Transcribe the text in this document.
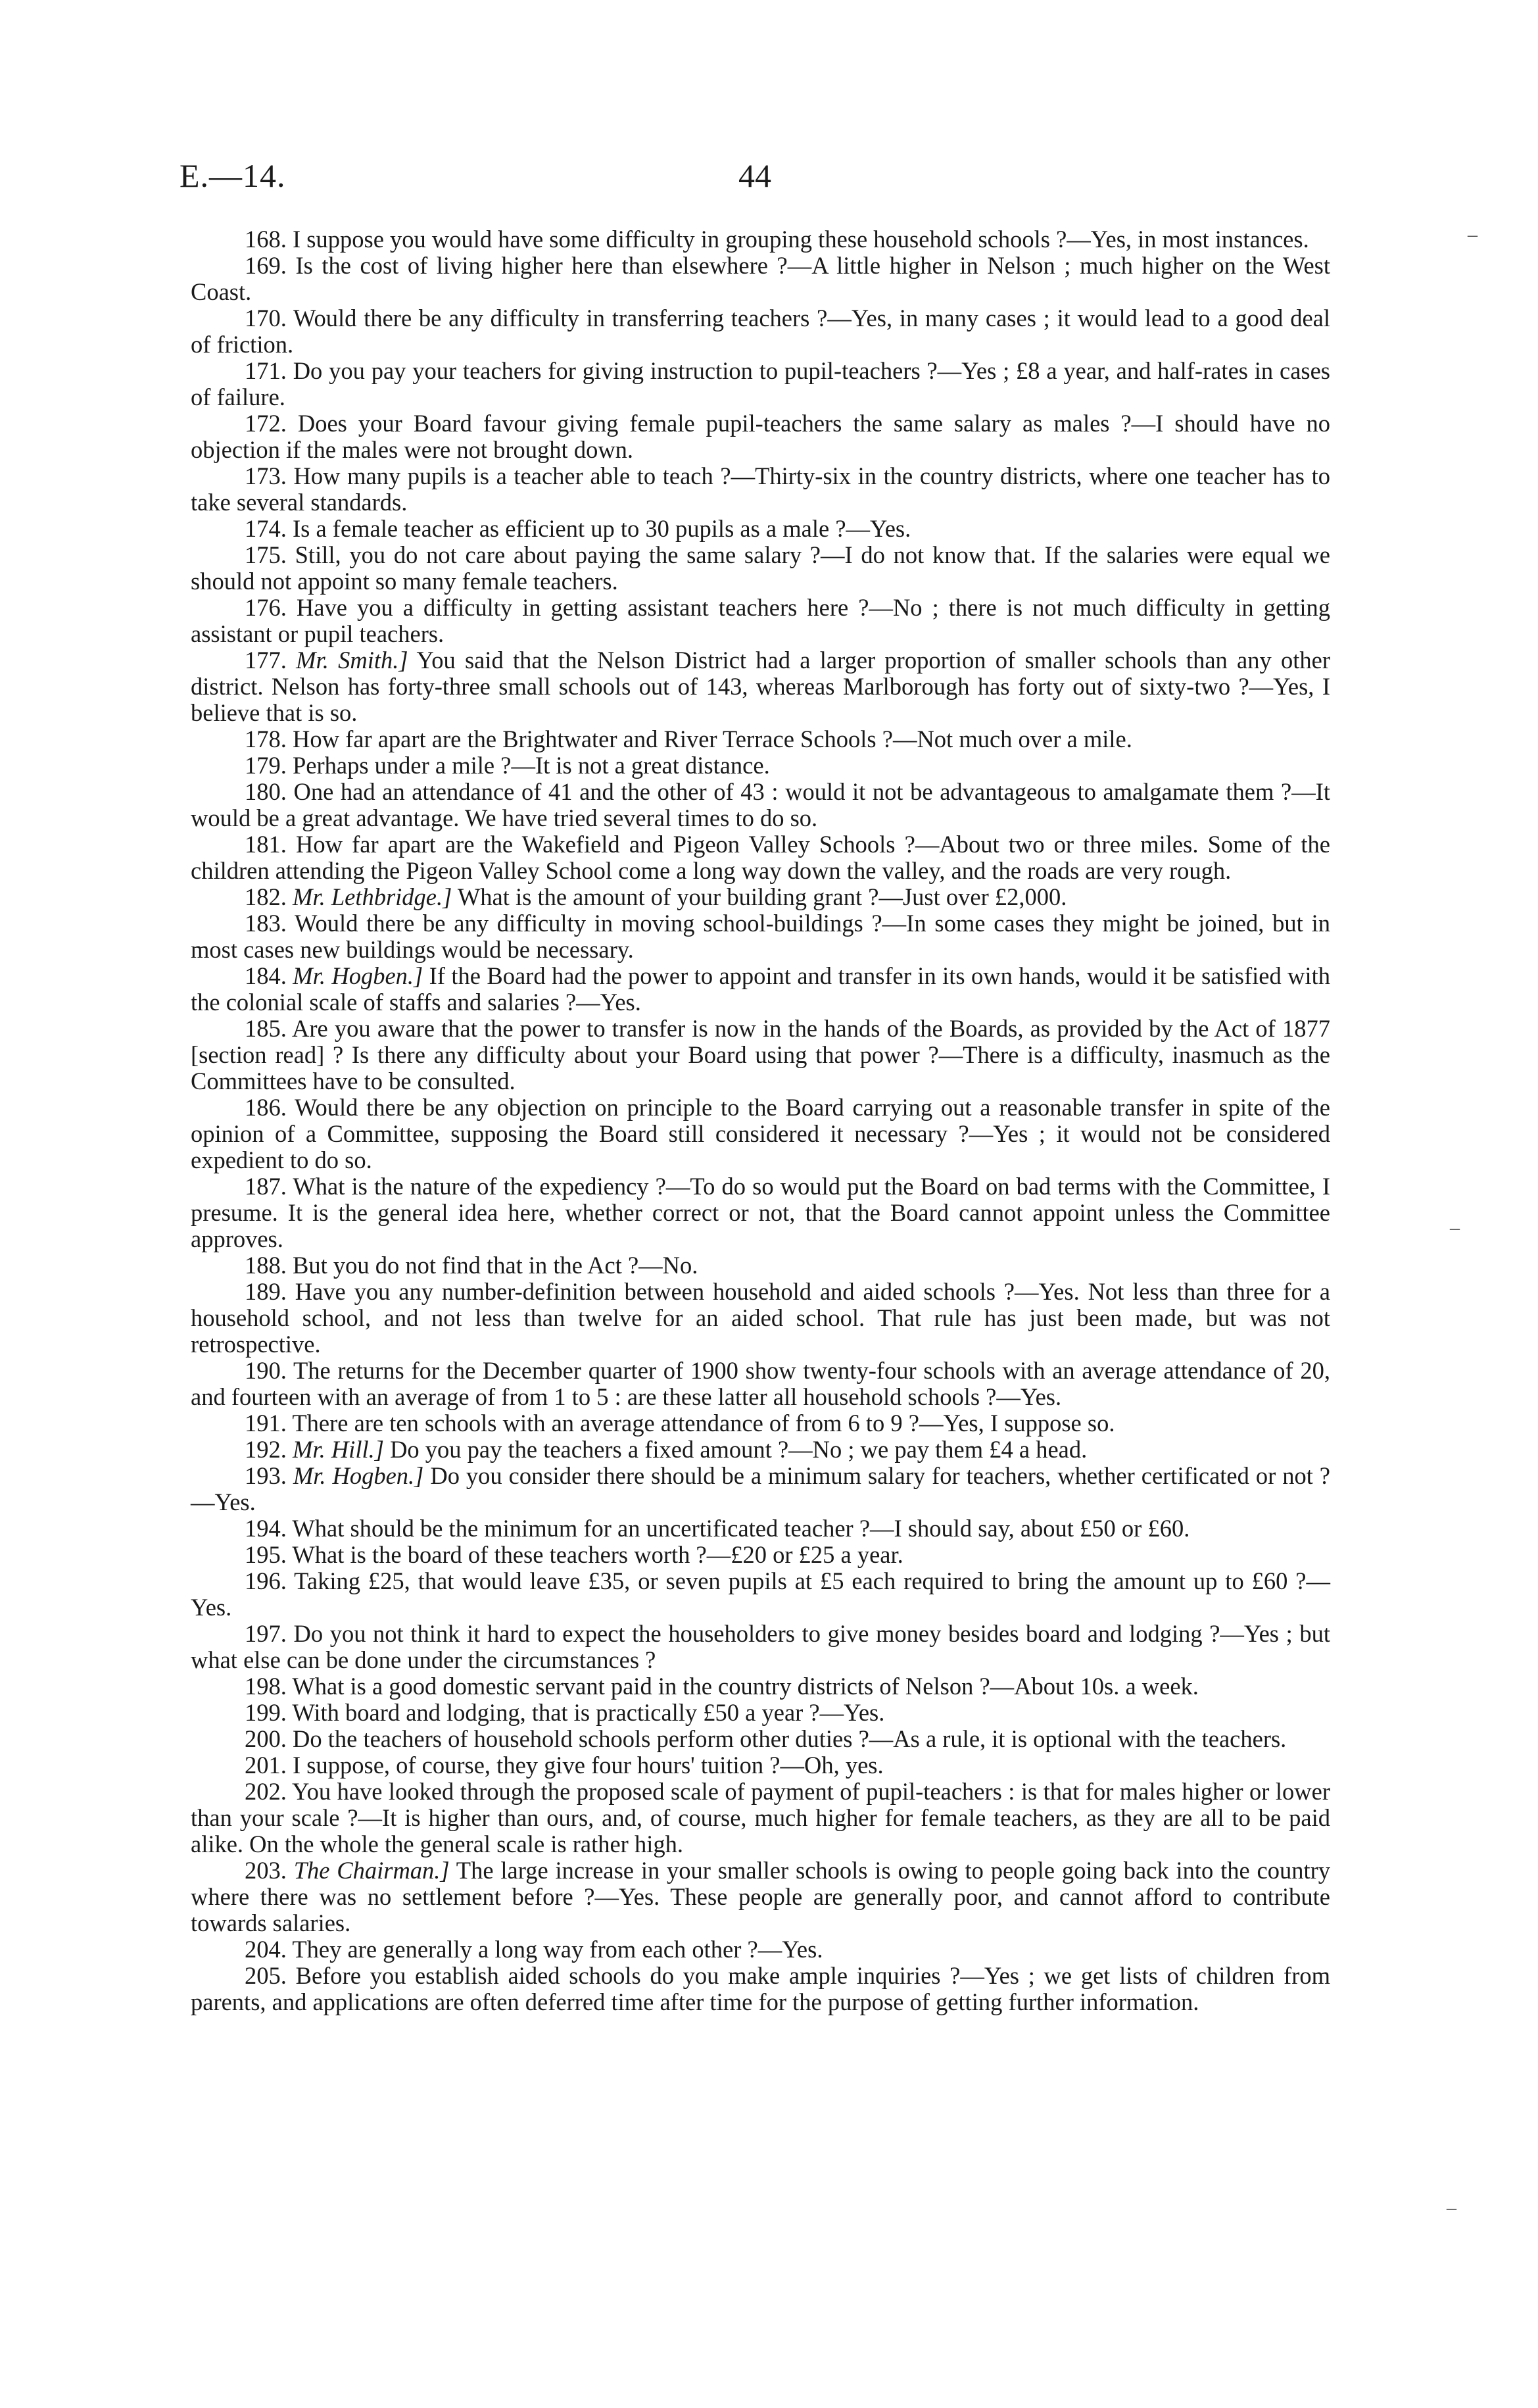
E.—14.	44

168. I suppose you would have some difficulty in grouping these household schools ?—Yes, in most instances.

169. Is the cost of living higher here than elsewhere ?—A little higher in Nelson ; much higher on the West Coast.

170. Would there be any difficulty in transferring teachers ?—Yes, in many cases ; it would lead to a good deal of friction.

171. Do you pay your teachers for giving instruction to pupil-teachers ?—Yes ; £8 a year, and half-rates in cases of failure.

172. Does your Board favour giving female pupil-teachers the same salary as males ?—I should have no objection if the males were not brought down.

173. How many pupils is a teacher able to teach ?—Thirty-six in the country districts, where one teacher has to take several standards.

174. Is a female teacher as efficient up to 30 pupils as a male ?—Yes.

175. Still, you do not care about paying the same salary ?—I do not know that. If the salaries were equal we should not appoint so many female teachers.

176. Have you a difficulty in getting assistant teachers here ?—No ; there is not much difficulty in getting assistant or pupil teachers.

177. Mr. Smith.] You said that the Nelson District had a larger proportion of smaller schools than any other district. Nelson has forty-three small schools out of 143, whereas Marlborough has forty out of sixty-two ?—Yes, I believe that is so.

178. How far apart are the Brightwater and River Terrace Schools ?—Not much over a mile.

179. Perhaps under a mile ?—It is not a great distance.

180. One had an attendance of 41 and the other of 43 : would it not be advantageous to amalgamate them ?—It would be a great advantage. We have tried several times to do so.

181. How far apart are the Wakefield and Pigeon Valley Schools ?—About two or three miles. Some of the children attending the Pigeon Valley School come a long way down the valley, and the roads are very rough.

182. Mr. Lethbridge.] What is the amount of your building grant ?—Just over £2,000.

183. Would there be any difficulty in moving school-buildings ?—In some cases they might be joined, but in most cases new buildings would be necessary.

184. Mr. Hogben.] If the Board had the power to appoint and transfer in its own hands, would it be satisfied with the colonial scale of staffs and salaries ?—Yes.

185. Are you aware that the power to transfer is now in the hands of the Boards, as provided by the Act of 1877 [section read] ? Is there any difficulty about your Board using that power ?—There is a difficulty, inasmuch as the Committees have to be consulted.

186. Would there be any objection on principle to the Board carrying out a reasonable transfer in spite of the opinion of a Committee, supposing the Board still considered it necessary ?—Yes ; it would not be considered expedient to do so.

187. What is the nature of the expediency ?—To do so would put the Board on bad terms with the Committee, I presume. It is the general idea here, whether correct or not, that the Board cannot appoint unless the Committee approves.

188. But you do not find that in the Act ?—No.

189. Have you any number-definition between household and aided schools ?—Yes. Not less than three for a household school, and not less than twelve for an aided school. That rule has just been made, but was not retrospective.

190. The returns for the December quarter of 1900 show twenty-four schools with an average attendance of 20, and fourteen with an average of from 1 to 5 : are these latter all household schools ?—Yes.

191. There are ten schools with an average attendance of from 6 to 9 ?—Yes, I suppose so.

192. Mr. Hill.] Do you pay the teachers a fixed amount ?—No ; we pay them £4 a head.

193. Mr. Hogben.] Do you consider there should be a minimum salary for teachers, whether certificated or not ?—Yes.

194. What should be the minimum for an uncertificated teacher ?—I should say, about £50 or £60.

195. What is the board of these teachers worth ?—£20 or £25 a year.

196. Taking £25, that would leave £35, or seven pupils at £5 each required to bring the amount up to £60 ?—Yes.

197. Do you not think it hard to expect the householders to give money besides board and lodging ?—Yes ; but what else can be done under the circumstances ?

198. What is a good domestic servant paid in the country districts of Nelson ?—About 10s. a week.

199. With board and lodging, that is practically £50 a year ?—Yes.

200. Do the teachers of household schools perform other duties ?—As a rule, it is optional with the teachers.

201. I suppose, of course, they give four hours' tuition ?—Oh, yes.

202. You have looked through the proposed scale of payment of pupil-teachers : is that for males higher or lower than your scale ?—It is higher than ours, and, of course, much higher for female teachers, as they are all to be paid alike. On the whole the general scale is rather high.

203. The Chairman.] The large increase in your smaller schools is owing to people going back into the country where there was no settlement before ?—Yes. These people are generally poor, and cannot afford to contribute towards salaries.

204. They are generally a long way from each other ?—Yes.

205. Before you establish aided schools do you make ample inquiries ?—Yes ; we get lists of children from parents, and applications are often deferred time after time for the purpose of getting further information.

‒
‒
‒
